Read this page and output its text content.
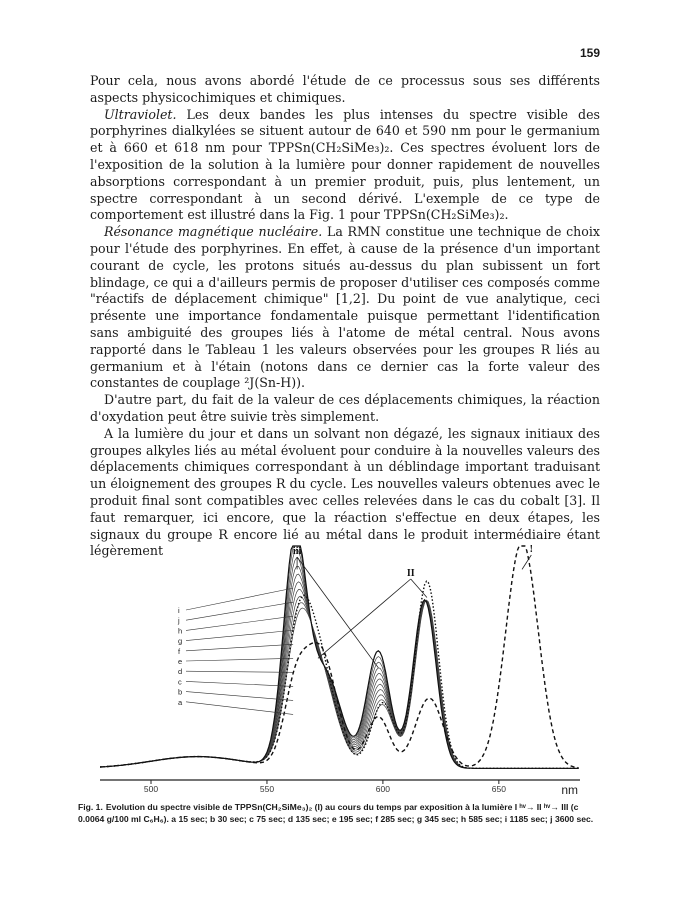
159

Pour cela, nous avons abordé l'étude de ce processus sous ses différents aspects physicochimiques et chimiques.

Ultraviolet. Les deux bandes les plus intenses du spectre visible des porphyrines dialkylées se situent autour de 640 et 590 nm pour le germanium et à 660 et 618 nm pour TPPSn(CH₂SiMe₃)₂. Ces spectres évoluent lors de l'exposition de la solution à la lumière pour donner rapidement de nouvelles absorptions correspondant à un premier produit, puis, plus lentement, un spectre correspondant à un second dérivé. L'exemple de ce type de comportement est illustré dans la Fig. 1 pour TPPSn(CH₂SiMe₃)₂.

Résonance magnétique nucléaire. La RMN constitue une technique de choix pour l'étude des porphyrines. En effet, à cause de la présence d'un important courant de cycle, les protons situés au-dessus du plan subissent un fort blindage, ce qui a d'ailleurs permis de proposer d'utiliser ces composés comme "réactifs de déplacement chimique" [1,2]. Du point de vue analytique, ceci présente une importance fondamentale puisque permettant l'identification sans ambiguité des groupes liés à l'atome de métal central. Nous avons rapporté dans le Tableau 1 les valeurs observées pour les groupes R liés au germanium et à l'étain (notons dans ce dernier cas la forte valeur des constantes de couplage ²J(Sn-H)).

D'autre part, du fait de la valeur de ces déplacements chimiques, la réaction d'oxydation peut être suivie très simplement.

A la lumière du jour et dans un solvant non dégazé, les signaux initiaux des groupes alkyles liés au métal évoluent pour conduire à la nouvelles valeurs des déplacements chimiques correspondant à un déblindage important traduisant un éloignement des groupes R du cycle. Les nouvelles valeurs obtenues avec le produit final sont compatibles avec celles relevées dans le cas du cobalt [3]. Il faut remarquer, ici encore, que la réaction s'effectue en deux étapes, les signaux du groupe R encore lié au métal dans le produit intermédiaire étant légèrement

500	550	600	650	nm
i
j
h
g
f
e
d
c
b
a
!
II
iii
Fig. 1. Evolution du spectre visible de TPPSn(CH₂SiMe₃)₂ (I) au cours du temps par exposition à la lumière I ʰᵛ→ II ʰᵛ→ III (c 0.0064 g/100 ml C₆H₆). a 15 sec; b 30 sec; c 75 sec; d 135 sec; e 195 sec; f 285 sec; g 345 sec; h 585 sec; i 1185 sec; j 3600 sec.
